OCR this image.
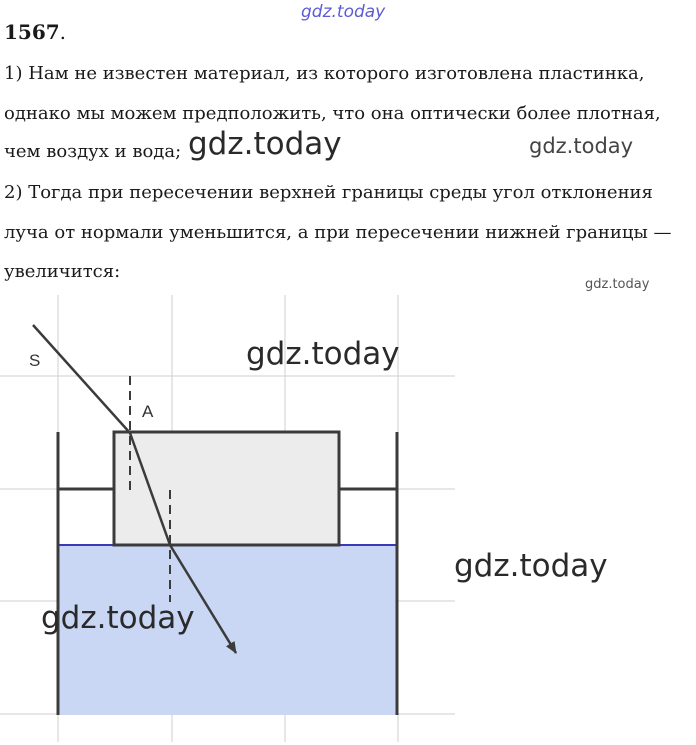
1567.
gdz.today
1) Нам не известен материал, из которого изготовлена пластинка,
однако мы можем предположить, что она оптически более плотная,
чем воздух и вода; gdz.today	gdz.today
2) Тогда при пересечении верхней границы среды угол отклонения
луча от нормали уменьшится, а при пересечении нижней границы —
увеличится:
gdz.today
S
A
gdz.today
gdz.today
gdz.today
